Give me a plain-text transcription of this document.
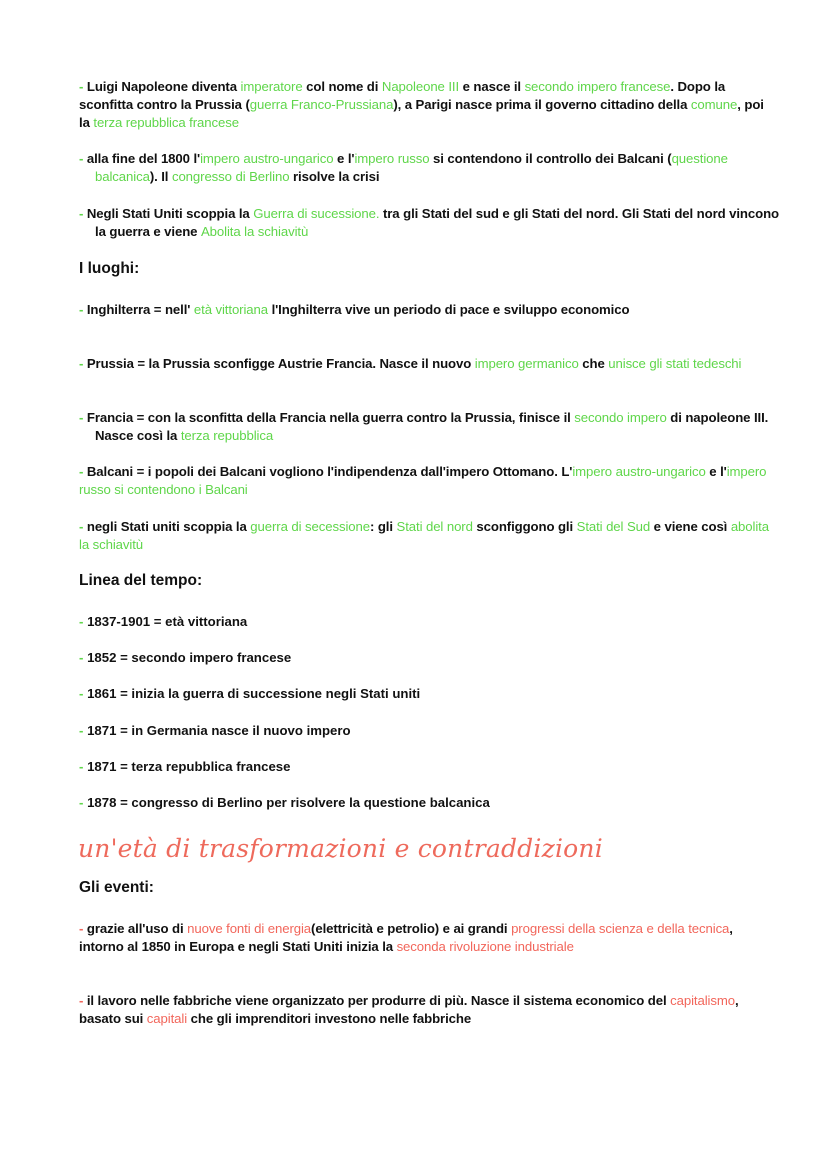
- Luigi Napoleone diventa imperatore col nome di Napoleone III e nasce il secondo impero francese. Dopo la sconfitta contro la Prussia (guerra Franco-Prussiana), a Parigi nasce prima il governo cittadino della comune, poi la terza repubblica francese
- alla fine del 1800 l'impero austro-ungarico e l'impero russo si contendono il controllo dei Balcani (questione balcanica). Il congresso di Berlino risolve la crisi
- Negli Stati Uniti scoppia la Guerra di sucessione. tra gli Stati del sud e gli Stati del nord. Gli Stati del nord vincono la guerra e viene Abolita la schiavitù
I luoghi:
- Inghilterra = nell' età vittoriana l'Inghilterra vive un periodo di pace e sviluppo economico
- Prussia = la Prussia sconfigge Austrie Francia. Nasce il nuovo impero germanico che unisce gli stati tedeschi
- Francia = con la sconfitta della Francia nella guerra contro la Prussia, finisce il secondo impero di napoleone III. Nasce così la terza repubblica
- Balcani = i popoli dei Balcani vogliono l'indipendenza dall'impero Ottomano. L'impero austro-ungarico e l'impero russo si contendono i Balcani
- negli Stati uniti scoppia la guerra di secessione: gli Stati del nord sconfiggono gli Stati del Sud e viene così abolita la schiavitù
Linea del tempo:
- 1837-1901 = età vittoriana
- 1852 = secondo impero francese
- 1861 = inizia la guerra di successione negli Stati uniti
- 1871 = in Germania nasce il nuovo impero
- 1871 = terza repubblica francese
- 1878 = congresso di Berlino per risolvere la questione balcanica
un'età di trasformazioni e contraddizioni
Gli eventi:
- grazie all'uso di nuove fonti di energia(elettricità e petrolio) e ai grandi progressi della scienza e della tecnica, intorno al 1850 in Europa e negli Stati Uniti inizia la seconda rivoluzione industriale
- il lavoro nelle fabbriche viene organizzato per produrre di più. Nasce il sistema economico del capitalismo, basato sui capitali che gli imprenditori investono nelle fabbriche
